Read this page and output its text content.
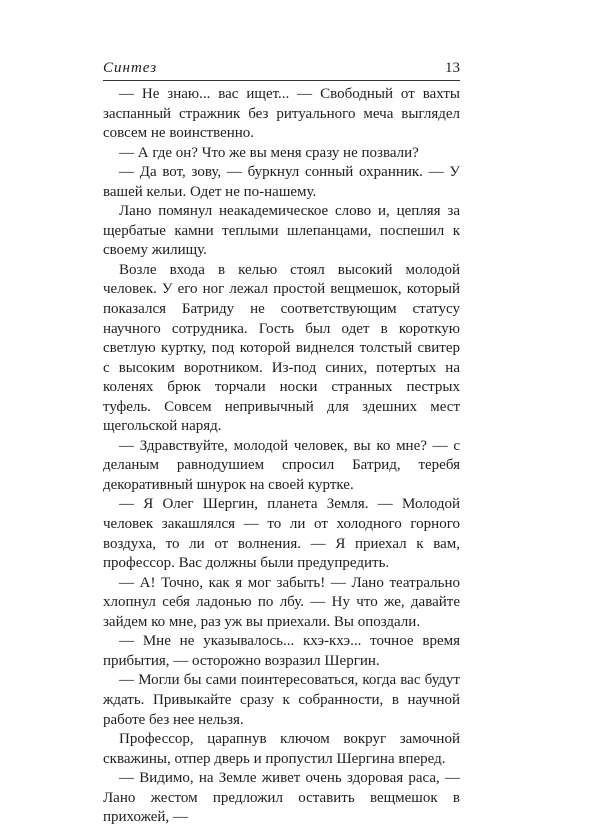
Синтез	13

— Не знаю... вас ищет... — Свободный от вахты заспанный стражник без ритуального меча выглядел совсем не воинственно.

— А где он? Что же вы меня сразу не позвали?

— Да вот, зову, — буркнул сонный охранник. — У вашей кельи. Одет не по-нашему.

Лано помянул неакадемическое слово и, цепляя за щербатые камни теплыми шлепанцами, поспешил к своему жилищу.

Возле входа в келью стоял высокий молодой человек. У его ног лежал простой вещмешок, который показался Батриду не соответствующим статусу научного сотрудника. Гость был одет в короткую светлую куртку, под которой виднелся толстый свитер с высоким воротником. Из-под синих, потертых на коленях брюк торчали носки странных пестрых туфель. Совсем непривычный для здешних мест щегольской наряд.

— Здравствуйте, молодой человек, вы ко мне? — с деланым равнодушием спросил Батрид, теребя декоративный шнурок на своей куртке.

— Я Олег Шергин, планета Земля. — Молодой человек закашлялся — то ли от холодного горного воздуха, то ли от волнения. — Я приехал к вам, профессор. Вас должны были предупредить.

— А! Точно, как я мог забыть! — Лано театрально хлопнул себя ладонью по лбу. — Ну что же, давайте зайдем ко мне, раз уж вы приехали. Вы опоздали.

— Мне не указывалось... кхэ-кхэ... точное время прибытия, — осторожно возразил Шергин.

— Могли бы сами поинтересоваться, когда вас будут ждать. Привыкайте сразу к собранности, в научной работе без нее нельзя.

Профессор, царапнув ключом вокруг замочной скважины, отпер дверь и пропустил Шергина вперед.

— Видимо, на Земле живет очень здоровая раса, — Лано жестом предложил оставить вещмешок в прихожей, —
